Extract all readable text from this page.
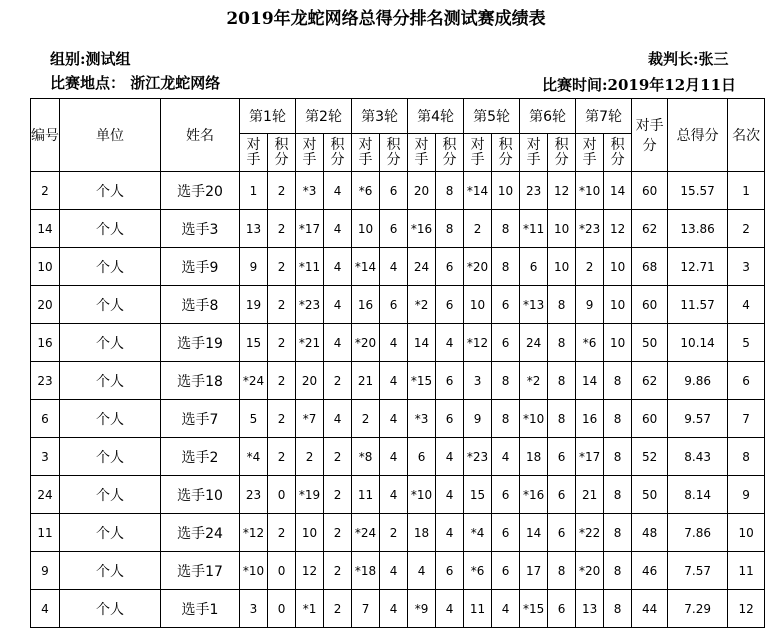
2019年龙蛇网络总得分排名测试赛成绩表
组别:测试组	裁判长:张三
比赛地点： 浙江龙蛇网络	比赛时间:2019年12月11日
编号	单位	姓名	第1轮		第2轮		第3轮		第4轮		第5轮		第6轮		第7轮		对手分	总得分	名次
			对手	积分	对手	积分	对手	积分	对手	积分	对手	积分	对手	积分	对手	积分			
2	个人	选手20	1	2	*3	4	*6	6	20	8	*14	10	23	12	*10	14	60	15.57	1
14	个人	选手3	13	2	*17	4	10	6	*16	8	2	8	*11	10	*23	12	62	13.86	2
10	个人	选手9	9	2	*11	4	*14	4	24	6	*20	8	6	10	2	10	68	12.71	3
20	个人	选手8	19	2	*23	4	16	6	*2	6	10	6	*13	8	9	10	60	11.57	4
16	个人	选手19	15	2	*21	4	*20	4	14	4	*12	6	24	8	*6	10	50	10.14	5
23	个人	选手18	*24	2	20	2	21	4	*15	6	3	8	*2	8	14	8	62	9.86	6
6	个人	选手7	5	2	*7	4	2	4	*3	6	9	8	*10	8	16	8	60	9.57	7
3	个人	选手2	*4	2	2	2	*8	4	6	4	*23	4	18	6	*17	8	52	8.43	8
24	个人	选手10	23	0	*19	2	11	4	*10	4	15	6	*16	6	21	8	50	8.14	9
11	个人	选手24	*12	2	10	2	*24	2	18	4	*4	6	14	6	*22	8	48	7.86	10
9	个人	选手17	*10	0	12	2	*18	4	4	6	*6	6	17	8	*20	8	46	7.57	11
4	个人	选手1	3	0	*1	2	7	4	*9	4	11	4	*15	6	13	8	44	7.29	12
